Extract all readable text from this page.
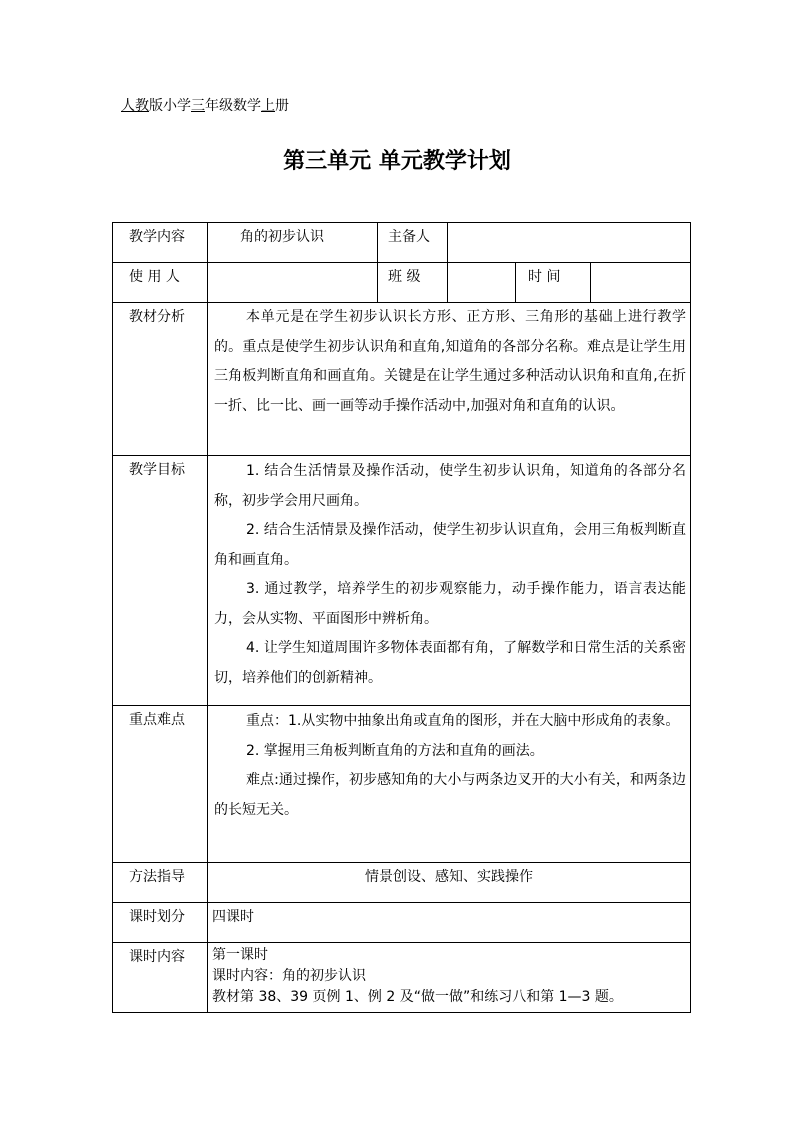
人教版小学三年级数学上册
第三单元 单元教学计划
教学内容	角的初步认识	主备人			
使 用 人		班 级		时 间	
教材分析	本单元是在学生初步认识长方形、正方形、三角形的基础上进行教学的。重点是使学生初步认识角和直角,知道角的各部分名称。难点是让学生用三角板判断直角和画直角。关键是在让学生通过多种活动认识角和直角,在折一折、比一比、画一画等动手操作活动中,加强对角和直角的认识。				

教学目标	1. 结合生活情景及操作活动，使学生初步认识角，知道角的各部分名称，初步学会用尺画角。

2. 结合生活情景及操作活动，使学生初步认识直角，会用三角板判断直角和画直角。

3. 通过教学，培养学生的初步观察能力，动手操作能力，语言表达能力，会从实物、平面图形中辨析角。

4. 让学生知道周围许多物体表面都有角，了解数学和日常生活的关系密切，培养他们的创新精神。				

重点难点	重点：1.从实物中抽象出角或直角的图形，并在大脑中形成角的表象。

2. 掌握用三角板判断直角的方法和直角的画法。

难点:通过操作，初步感知角的大小与两条边叉开的大小有关，和两条边的长短无关。				

方法指导	情景创设、感知、实践操作				
课时划分	四课时				
课时内容	第一课时

课时内容：角的初步认识

教材第 38、39 页例 1、例 2 及“做一做”和练习八和第 1—3 题。				
